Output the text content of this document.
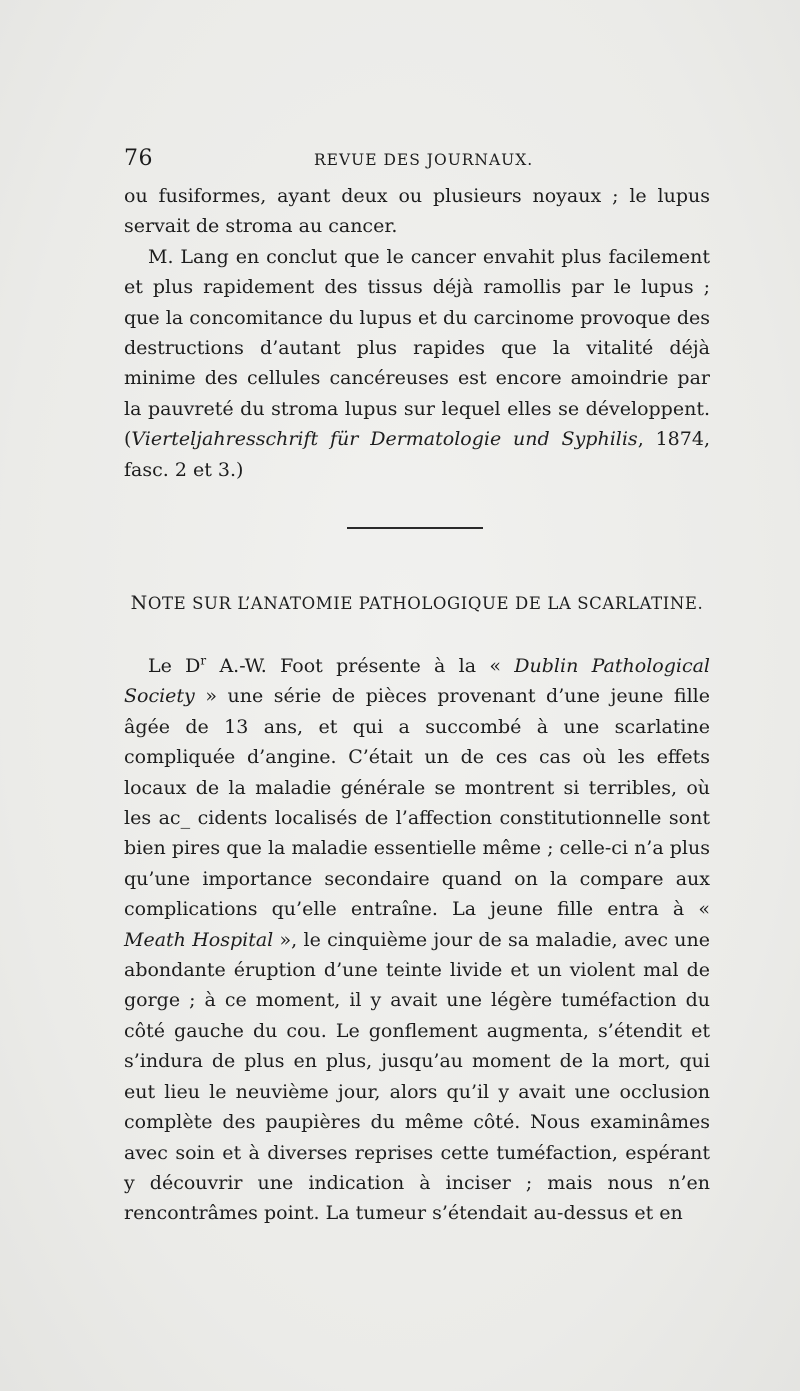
76	REVUE DES JOURNAUX.

ou fusiformes, ayant deux ou plusieurs noyaux ; le lupus servait de stroma au cancer.

M. Lang en conclut que le cancer envahit plus facilement et plus rapidement des tissus déjà ramollis par le lupus ; que la concomitance du lupus et du carcinome provoque des destructions d’autant plus rapides que la vitalité déjà minime des cellules cancéreuses est encore amoindrie par la pauvreté du stroma lupus sur lequel elles se développent. (Vierteljahresschrift für Dermatologie und Syphilis, 1874, fasc. 2 et 3.)

NOTE SUR L’ANATOMIE PATHOLOGIQUE DE LA SCARLATINE.

Le $D^r$ A.-W. Foot présente à la « Dublin Pathological Society » une série de pièces provenant d’une jeune fille âgée de 13 ans, et qui a succombé à une scarlatine compliquée d’angine. C’était un de ces cas où les effets locaux de la maladie générale se montrent si terribles, où les ac_ cidents localisés de l’affection constitutionnelle sont bien pires que la maladie essentielle même ; celle-ci n’a plus qu’une importance secondaire quand on la compare aux complications qu’elle entraîne. La jeune fille entra à « Meath Hospital », le cinquième jour de sa maladie, avec une abondante éruption d’une teinte livide et un violent mal de gorge ; à ce moment, il y avait une légère tuméfaction du côté gauche du cou. Le gonflement augmenta, s’étendit et s’indura de plus en plus, jusqu’au moment de la mort, qui eut lieu le neuvième jour, alors qu’il y avait une occlusion complète des paupières du même côté. Nous examinâmes avec soin et à diverses reprises cette tuméfaction, espérant y découvrir une indication à inciser ; mais nous n’en rencontrâmes point. La tumeur s’étendait au-dessus et en
